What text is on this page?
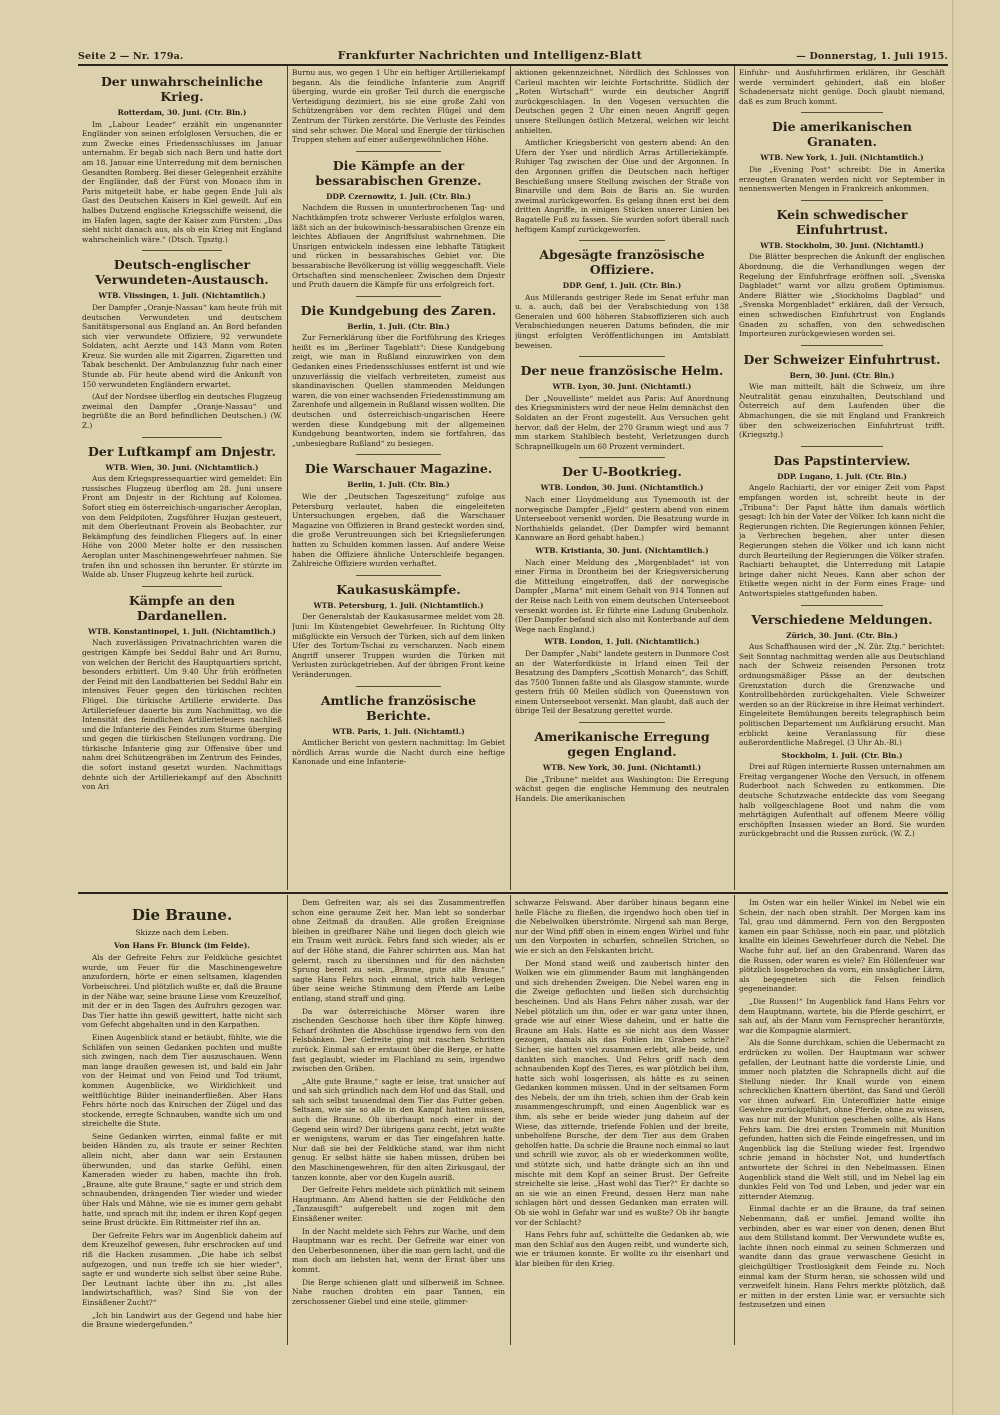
Seite 2 — Nr. 179a.	Frankfurter Nachrichten und Intelligenz-Blatt	— Donnerstag, 1. Juli 1915.
Der unwahrscheinliche Krieg.
Rotterdam, 30. Juni. (Ctr. Bln.)

Im „Labour Leader“ erzählt ein ungenannter Engländer von seinen erfolglosen Versuchen, die er zum Zwecke eines Friedensschlusses im Januar unternahm. Er begab sich nach Bern und hatte dort am 18. Januar eine Unterredung mit dem bernischen Gesandten Romberg. Bei dieser Gelegenheit erzählte der Engländer, daß der Fürst von Monaco ihm in Paris mitgeteilt habe, er habe gegen Ende Juli als Gast des Deutschen Kaisers in Kiel geweilt. Auf ein halbes Dutzend englische Kriegsschiffe weisend, die im Hafen lagen, sagte der Kaiser zum Fürsten: „Das sieht nicht danach aus, als ob ein Krieg mit England wahrscheinlich wäre.“ (Dtsch. Tgsztg.)

Deutsch-englischer Verwundeten-Austausch.
WTB. Vlissingen, 1. Juli. (Nichtamtlich.)

Der Dampfer „Oranje-Nassau“ kam heute früh mit deutschen Verwundeten und deutschem Sanitätspersonal aus England an. An Bord befanden sich vier verwundete Offiziere, 92 verwundete Soldaten, acht Aerzte und 143 Mann vom Roten Kreuz. Sie wurden alle mit Zigarren, Zigaretten und Tabak beschenkt. Der Ambulanzzug fuhr nach einer Stunde ab. Für heute abend wird die Ankunft von 150 verwundeten Engländern erwartet.

(Auf der Nordsee überflog ein deutsches Flugzeug zweimal den Dampfer „Oranje-Nassau“ und begrüßte die an Bord befindlichen Deutschen.) (W. Z.)

Der Luftkampf am Dnjestr.
WTB. Wien, 30. Juni. (Nichtamtlich.)

Aus dem Kriegspressequartier wird gemeldet: Ein russisches Flugzeug überflog am 28. Juni unsere Front am Dnjestr in der Richtung auf Kolomea. Sofort stieg ein österreichisch-ungarischer Aeroplan, von dem Feldpiloten, Zugsführer Huzjan gesteuert, mit dem Oberleutnant Frovein als Beobachter, zur Bekämpfung des feindlichen Fliegers auf. In einer Höhe von 2000 Meter holte er den russischen Aeroplan unter Maschinengewehrfeuer nahmen. Sie trafen ihn und schossen ihn herunter. Er stürzte im Walde ab. Unser Flugzeug kehrte heil zurück.

Kämpfe an den Dardanellen.
WTB. Konstantinopel, 1. Juli. (Nichtamtlich.)

Nach zuverlässigen Privatnachrichten waren die gestrigen Kämpfe bei Seddul Bahr und Ari Burnu, von welchen der Bericht des Hauptquartiers spricht, besonders erbittert. Um 9.40 Uhr früh eröffneten der Feind mit den Landbatterien bei Seddul Bahr ein intensives Feuer gegen den türkischen rechten Flügel. Die türkische Artillerie erwiderte. Das Artilleriefeuer dauerte bis zum Nachmittag, wo die Intensität des feindlichen Artilleriefeuers nachließ und die Infanterie des Feindes zum Sturme überging und gegen die türkischen Stellungen vordrang. Die türkische Infanterie ging zur Offensive über und nahm drei Schützengräben im Zentrum des Feindes, die sofort instand gesetzt wurden. Nachmittags dehnte sich der Artilleriekampf auf den Abschnitt von Ari

Burnu aus, wo gegen 1 Uhr ein heftiger Artilleriekampf begann. Als die feindliche Infanterie zum Angriff überging, wurde ein großer Teil durch die energische Verteidigung dezimiert, bis sie eine große Zahl von Schützengräben vor dem rechten Flügel und dem Zentrum der Türken zerstörte. Die Verluste des Feindes sind sehr schwer. Die Moral und Energie der türkischen Truppen stehen auf einer außergewöhnlichen Höhe.

Die Kämpfe an der bessarabischen Grenze.
DDP. Czernowitz, 1. Juli. (Ctr. Bln.)

Nachdem die Russen in ununterbrochenen Tag- und Nachtkämpfen trotz schwerer Verluste erfolglos waren, läßt sich an der bukowinisch-bessarabischen Grenze ein leichtes Abflauen der Angriffslust wahrnehmen. Die Unsrigen entwickeln indessen eine lebhafte Tätigkeit und rücken in bessarabisches Gebiet vor. Die bessarabische Bevölkerung ist völlig weggeschafft. Viele Ortschaften sind menschenleer. Zwischen dem Dnjestr und Pruth dauern die Kämpfe für uns erfolgreich fort.

Die Kundgebung des Zaren.
Berlin, 1. Juli. (Ctr. Bln.)

Zur Fernerklärung über die Fortführung des Krieges heißt es im „Berliner Tageblatt“: Diese Kundgebung zeigt, wie man in Rußland einzuwirken von dem Gedanken eines Friedensschlusses entfernt ist und wie unzuverlässig die vielfach verbreiteten, zumeist aus skandinavischen Quellen stammenden Meldungen waren, die von einer wachsenden Friedensstimmung am Zarenhofe und allgemein in Rußland wissen wollten. Die deutschen und österreichisch-ungarischen Heere werden diese Kundgebung mit der allgemeinen Kundgebung beantworten, indem sie fortfahren, das „unbesiegbare Rußland“ zu besiegen.

Die Warschauer Magazine.
Berlin, 1. Juli. (Ctr. Bln.)

Wie der „Deutschen Tageszeitung“ zufolge aus Petersburg verlautet, haben die eingeleiteten Untersuchungen ergeben, daß die Warschauer Magazine von Offizieren in Brand gesteckt worden sind, die große Veruntreuungen sich bei Kriegslieferungen hatten zu Schulden kommen lassen. Auf andere Weise haben die Offiziere ähnliche Unterschleife begangen. Zahlreiche Offiziere wurden verhaftet.

Kaukasuskämpfe.
WTB. Petersburg, 1. Juli. (Nichtamtlich.)

Der Generalstab der Kaukasusarmee meldet vom 28. Juni: Im Küstengebiet Gewehrfeuer. In Richtung Olty mißglückte ein Versuch der Türken, sich auf dem linken Ufer des Tortum-Tschai zu verschanzen. Nach einem Angriff unserer Truppen wurden die Türken mit Verlusten zurückgetrieben. Auf der übrigen Front keine Veränderungen.

Amtliche französische Berichte.
WTB. Paris, 1. Juli. (Nichtamtl.)

Amtlicher Bericht von gestern nachmittag: Im Gebiet nördlich Arras wurde die Nacht durch eine heftige Kanonade und eine Infanterie-

aktionen gekennzeichnet. Nördlich des Schlosses von Carleul machten wir leichte Fortschritte. Südlich der „Roten Wirtschaft“ wurde ein deutscher Angriff zurückgeschlagen. In den Vogesen versuchten die Deutschen gegen 2 Uhr einen neuen Angriff gegen unsere Stellungen östlich Metzeral, welchen wir leicht anhielten.

Amtlicher Kriegsbericht von gestern abend: An den Ufern der Yser und nördlich Arras Artilleriekämpfe. Ruhiger Tag zwischen der Oise und der Argonnen. In den Argonnen griffen die Deutschen nach heftiger Beschießung unsere Stellung zwischen der Straße von Binarville und dem Bois de Baris an. Sie wurden zweimal zurückgeworfen. Es gelang ihnen erst bei dem dritten Angriffe, in einigen Stücken unserer Linien bei Bagatelle Fuß zu fassen. Sie wurden sofort überall nach heftigem Kampf zurückgeworfen.

Abgesägte französische Offiziere.
DDP. Genf, 1. Juli. (Ctr. Bln.)

Aus Millerands gestriger Rede im Senat erfuhr man u. a. auch, daß bei der Verabschiedung von 138 Generalen und 600 höheren Stabsoffizieren sich auch Verabschiedungen neueren Datums befinden, die mir jüngst erfolgten Veröffentlichungen im Amtsblatt beweisen.

Der neue französische Helm.
WTB. Lyon, 30. Juni. (Nichtamtl.)

Der „Nouvelliste“ meldet aus Paris: Auf Anordnung des Kriegsministers wird der neue Helm demnächst den Soldaten an der Front zugestellt. Aus Versuchen geht hervor, daß der Helm, der 270 Gramm wiegt und aus 7 mm starkem Stahlblech besteht, Verletzungen durch Schrapnellkugeln um 60 Prozent vermindert.

Der U-Bootkrieg.
WTB. London, 30. Juni. (Nichtamtlich.)

Nach einer Lloydmeldung aus Tynemouth ist der norwegische Dampfer „Fjeld“ gestern abend von einem Unterseeboot versenkt worden. Die Besatzung wurde in Northshields gelandet. (Der Dampfer wird bemannt Kannware an Bord gehabt haben.)

WTB. Kristiania, 30. Juni. (Nichtamtlich.)

Nach einer Meldung des „Morgenbladet“ ist von einer Firma in Drontheim bei der Kriegsversicherung die Mitteilung eingetroffen, daß der norwegische Dampfer „Marna“ mit einem Gehalt von 914 Tonnen auf der Reise nach Leith von einem deutschen Unterseeboot versenkt worden ist. Er führte eine Ladung Grubenholz. (Der Dampfer befand sich also mit Konterbande auf dem Wege nach England.)

WTB. London, 1. Juli. (Nichtamtlich.)

Der Dampfer „Nabi“ landete gestern in Dunmore Cost an der Waterfordküste in Irland einen Teil der Besatzung des Dampfers „Scottish Monarch“, das Schiff, das 7500 Tonnen faßte und als Glasgow stammte, wurde gestern früh 60 Meilen südlich von Queenstown von einem Unterseeboot versenkt. Man glaubt, daß auch der übrige Teil der Besatzung gerettet wurde.

Amerikanische Erregung gegen England.
WTB. New York, 30. Juni. (Nichtamtl.)

Die „Tribune“ meldet aus Washington: Die Erregung wächst gegen die englische Hemmung des neutralen Handels. Die amerikanischen

Einfuhr- und Ausfuhrfirmen erklären, ihr Geschäft werde vermindert gehindert, daß ein bloßer Schadenersatz nicht genüge. Doch glaubt niemand, daß es zum Bruch kommt.

Die amerikanischen Granaten.
WTB. New York, 1. Juli. (Nichtamtlich.)

Die „Evening Post“ schreibt: Die in Amerika erzeugten Granaten werden nicht vor September in nennenswerten Mengen in Frankreich ankommen.

Kein schwedischer Einfuhrtrust.
WTB. Stockholm, 30. Juni. (Nichtamtl.)

Die Blätter besprechen die Ankunft der englischen Abordnung, die die Verhandlungen wegen der Regelung der Einfuhrfrage eröffnen soll. „Svenska Dagbladet“ warnt vor allzu großem Optimismus. Andere Blätter wie „Stockholms Dagblad“ und „Svenska Morgenbladet“ erklären, daß der Versuch, einen schwedischen Einfuhrtrust von Englands Gnaden zu schaffen, von den schwedischen Importeuren zurückgewiesen worden sei.

Der Schweizer Einfuhrtrust.
Bern, 30. Juni. (Ctr. Bln.)

Wie man mitteilt, hält die Schweiz, um ihre Neutralität genau einzuhalten, Deutschland und Österreich auf dem Laufenden über die Abmachungen, die sie mit England und Frankreich über den schweizerischen Einfuhrtrust trifft. (Kriegsztg.)

Das Papstinterview.
DDP. Lugano, 1. Juli. (Ctr. Bln.)

Angelo Rachiarti, der vor einiger Zeit vom Papst empfangen worden ist, schreibt heute in der „Tribuna“: Der Papst hätte ihm damals wörtlich gesagt: Ich bin der Vater der Völker. Ich kann nicht die Regierungen richten. Die Regierungen können Fehler, ja Verbrechen begehen, aber unter diesen Regierungen stehen die Völker und ich kann nicht durch Beurteilung der Regierungen die Völker strafen. Rachiarti behauptet, die Unterredung mit Latapie bringe daher nicht Neues. Kann aber schon der Etikette wegen nicht in der Form eines Frage- und Antwortspieles stattgefunden haben.

Verschiedene Meldungen.
Zürich, 30. Juni. (Ctr. Bln.)

Aus Schaffhausen wird der „N. Zür. Ztg.“ berichtet: Seit Sonntag nachmittag werden alle aus Deutschland nach der Schweiz reisenden Personen trotz ordnungsmäßiger Pässe an der deutschen Grenzstation durch die Grenzwache und Kontrollbehörden zurückgehalten. Viele Schweizer werden so an der Rückreise in ihre Heimat verhindert. Eingeleitete Bemühungen bereits telegraphisch beim politischen Departement um Aufklärung ersucht. Man erblickt keine Veranlassung für diese außerordentliche Maßregel. (3 Uhr Ab.-Bl.)

Stockholm, 1. Juli. (Ctr. Bln.)

Drei auf Rügen internierte Russen unternahmen am Freitag vergangener Woche den Versuch, in offenem Ruderboot nach Schweden zu entkommen. Die deutsche Schutzwache entdeckte das vom Seegang halb vollgeschlagene Boot und nahm die vom mehrtägigen Aufenthalt auf offenem Meere völlig erschöpften Insassen wieder an Bord. Sie wurden zurückgebracht und die Russen zurück. (W. Z.)

Die Braune.
Skizze nach dem Leben.
Von Hans Fr. Blunck (im Felde).

Als der Gefreite Fehrs zur Feldküche gesichtet wurde, um Feuer für die Maschinengewehre anzufordern, hörte er einen seltsamen, klagenden Vorbeischrei. Und plötzlich wußte er, daß die Braune in der Nähe war, seine braune Liese vom Kreuzelhof, mit der er in den Tagen des Aufruhrs gezogen war. Das Tier hatte ihn gewiß gewittert, hatte nicht sich vom Gefecht abgehalten und in den Karpathen.

Einen Augenblick stand er betäubt, fühlte, wie die Schläfen von seinen Gedanken pochten und mußte sich zwingen, nach dem Tier auszuschauen. Wenn man lange draußen gewesen ist, und bald ein Jahr von der Heimat und von Feind und Tod träumt, kommen Augenblicke, wo Wirklichkeit und weltflüchtige Bilder ineinanderfließen. Aber Hans Fehrs hörte noch das Knirschen der Zügel und das stockende, erregte Schnauben, wandte sich um und streichelte die Stute.

Seine Gedanken wirrten, einmal faßte er mit beiden Händen zu, als traute er seiner Rechten allein nicht, aber dann war sein Erstaunen überwunden, und das starke Gefühl, einen Kameraden wieder zu haben, machte ihn froh. „Braune, alte gute Braune,“ sagte er und strich dem schnaubenden, drängenden Tier wieder und wieder über Hals und Mähne, wie sie es immer gern gehabt hatte, und sprach mit ihr, indem er ihren Kopf gegen seine Brust drückte. Ein Rittmeister rief ihn an.

Der Gefreite Fehrs war im Augenblick daheim auf dem Kreuzelhof gewesen, fuhr erschrocken auf und riß die Hacken zusammen. „Die habe ich selbst aufgezogen, und nun treffe ich sie hier wieder“, sagte er und wunderte sich selbst über seine Ruhe. Der Leutnant lachte über ihn zu. „Ist alles landwirtschaftlich, was? Sind Sie von der Einsäßener Zucht?“

„Ich bin Landwirt aus der Gegend und habe hier die Braune wiedergefunden.“

Dem Gefreiten war, als sei das Zusammentreffen schon eine geraume Zeit her. Man lebt so sonderbar ohne Zeitmaß da draußen. Alle großen Ereignisse bleiben in greifbarer Nähe und liegen doch gleich wie ein Traum weit zurück. Fehrs fand sich wieder, als er auf der Höhe stand, die Fahrer schirrten aus. Man hat gelernt, rasch zu übersinnen und für den nächsten Sprung bereit zu sein. „Braune, gute alte Braune,“ sagte Hans Fehrs noch einmal, strich halb verlegen über seine weiche Stimmung dem Pferde am Leibe entlang, stand straff und ging.

Da war österreichische Mörser waren ihre zischenden Geschosse hoch über ihre Köpfe hinweg. Scharf dröhnten die Abschüsse irgendwo fern von den Felsbänken. Der Gefreite ging mit raschen Schritten zurück. Einmal sah er erstaunt über die Berge, er hatte fast geglaubt, wieder im Flachland zu sein, irgendwo zwischen den Gräben.

„Alte gute Braune,“ sagte er leise, trat unsicher auf und sah sich gründlich nach dem Hof und das Stall, und sah sich selbst tausendmal dem Tier das Futter geben. Seltsam, wie sie so alle in den Kampf hatten müssen, auch die Braune. Ob überhaupt noch einer in der Gegend sein wird? Der übrigens ganz recht, jetzt wußte er wenigstens, warum er das Tier eingefahren hatte. Nur daß sie bei der Feldküche stand, war ihm nicht genug. Er selbst hätte sie haben müssen, drüben bei den Maschinengewehren, für den alten Zirkusgaul, der tanzen konnte, aber vor den Kugeln ausriß.

Der Gefreite Fehrs meldete sich pünktlich mit seinem Hauptmann. Am Abend hatten sie der Feldküche den „Tanzausgift“ aufgerebelt und zogen mit dem Einsäßener weiter.

In der Nacht meldete sich Fehrs zur Wache, und dem Hauptmann war es recht. Der Gefreite war einer von den Ueberbesonnenen, über die man gern lacht, und die man doch am liebsten hat, wenn der Ernst über uns kommt.

Die Berge schienen glatt und silberweiß im Schnee. Nahe rauchen drohten ein paar Tannen, ein zerschossener Giebel und eine steile, glimmer-

schwarze Felswand. Aber darüber hinaus begann eine helle Fläche zu fließen, die irgendwo hoch oben tief in die Nebelwolken überströmte. Nirgend sah man Berge, nur der Wind pfiff oben in einem engen Wirbel und fuhr um den Vorposten in scharfen, schnellen Strichen, so wie er sich an den Felskanten bricht.

Der Mond stand weiß und zauberisch hinter den Wolken wie ein glimmender Baum mit langhängenden und sich drehenden Zweigen. Die Nebel waren eng in die Zweige geflochten und ließen sich durchsichtig bescheinen. Und als Hans Fehrs näher zusah, war der Nebel plötzlich um ihn, oder er war ganz unter ihnen, grade wie auf einer Wiese daheim, und er hatte die Braune am Hals. Hatte es sie nicht aus dem Wasser gezogen, damals als das Fohlen im Graben schrie? Sicher, sie hatten viel zusammen erlebt, alle beide, und dankten sich manches. Und Fehrs griff nach dem schnaubenden Kopf des Tieres, es war plötzlich bei ihm, hatte sich wohl losgerissen, als hätte es zu seinen Gedanken kommen müssen. Und in der seltsamen Form des Nebels, der um ihn trieb, schien ihm der Grab kein zusammengeschrumpft, und einen Augenblick war es ihm, als sehe er beide wieder jung daheim auf der Wiese, das zitternde, triefende Fohlen und der breite, unbeholfene Bursche, der dem Tier aus dem Graben geholfen hatte. Da schrie die Braune noch einmal so laut und schrill wie zuvor, als ob er wiederkommen wollte, und stützte sich, und hatte drängte sich an ihn und mischte mit dem Kopf an seiner Brust. Der Gefreite streichelte sie leise. „Hast wohl das Tier?“ Er dachte so an sie wie an einen Freund, dessen Herz man nahe schlagen hört und dessen Gedanken man erraten will. Ob sie wohl in Gefahr war und es wußte? Ob ihr bangte vor der Schlacht?

Hans Fehrs fuhr auf, schüttelte die Gedanken ab, wie man den Schlaf aus den Augen reibt, und wunderte sich, wie er träumen konnte. Er wollte zu ihr eisenhart und klar bleiben für den Krieg.

Im Osten war ein heller Winkel im Nebel wie ein Schein, der nach oben strahlt. Der Morgen kam ins Tal, grau und dämmernd. Fern von den Bergposten kamen ein paar Schüsse, noch ein paar, und plötzlich knallte ein kleines Gewehrfeuer durch die Nebel. Die Wache fuhr auf, lief an den Grabenrand. Waren das die Russen, oder waren es viele? Ein Höllenfeuer war plötzlich losgebrochen da vorn, ein unsäglicher Lärm, als begegneten sich die Felsen feindlich gegeneinander.

„Die Russen!“ Im Augenblick fand Hans Fehrs vor dem Hauptmann, wartete, bis die Pferde geschirrt, er sah auf, als der Mann vom Fernsprecher herantürzte, war die Kompagnie alarmiert.

Als die Sonne durchkam, schien die Uebermacht zu erdrücken zu wollen. Der Hauptmann war schwer gefallen, der Leutnant hatte die vorderste Linie, und immer noch platzten die Schrapnells dicht auf die Stellung nieder. Ihr Knall wurde von einem schrecklichen Knattern übertönt, das Sand und Geröll vor ihnen aufwarf. Ein Unteroffizier hatte einige Gewehre zurückgeführt, ohne Pferde, ohne zu wissen, was nur mit der Munition geschehen sollte, als Hans Fehrs kam. Die drei ersten Trommeln mit Munition gefunden, hatten sich die Feinde eingefressen, und im Augenblick lag die Stellung wieder fest. Irgendwo schrie jemand in höchster Not, und hundertfach antwortete der Schrei in den Nebelmassen. Einen Augenblick stand die Welt still, und im Nebel lag ein dunkles Feld von Tod und Leben, und jeder war ein zitternder Atemzug.

Einmal dachte er an die Braune, da traf seinen Nebenmann, daß er umfiel. Jemand wollte ihn verbinden, aber es war einer von denen, denen Blut aus dem Stillstand kommt. Der Verwundete wußte es, lachte ihnen noch einmal zu seinen Schmerzen und wandte dann das graue verwaschene Gesicht in gleichgültiger Trostlosigkeit dem Feinde zu. Noch einmal kam der Sturm heran, sie schossen wild und verzweifelt hinein. Hans Fehrs merkte plötzlich, daß er mitten in der ersten Linie war, er versuchte sich festzusetzen und einen
